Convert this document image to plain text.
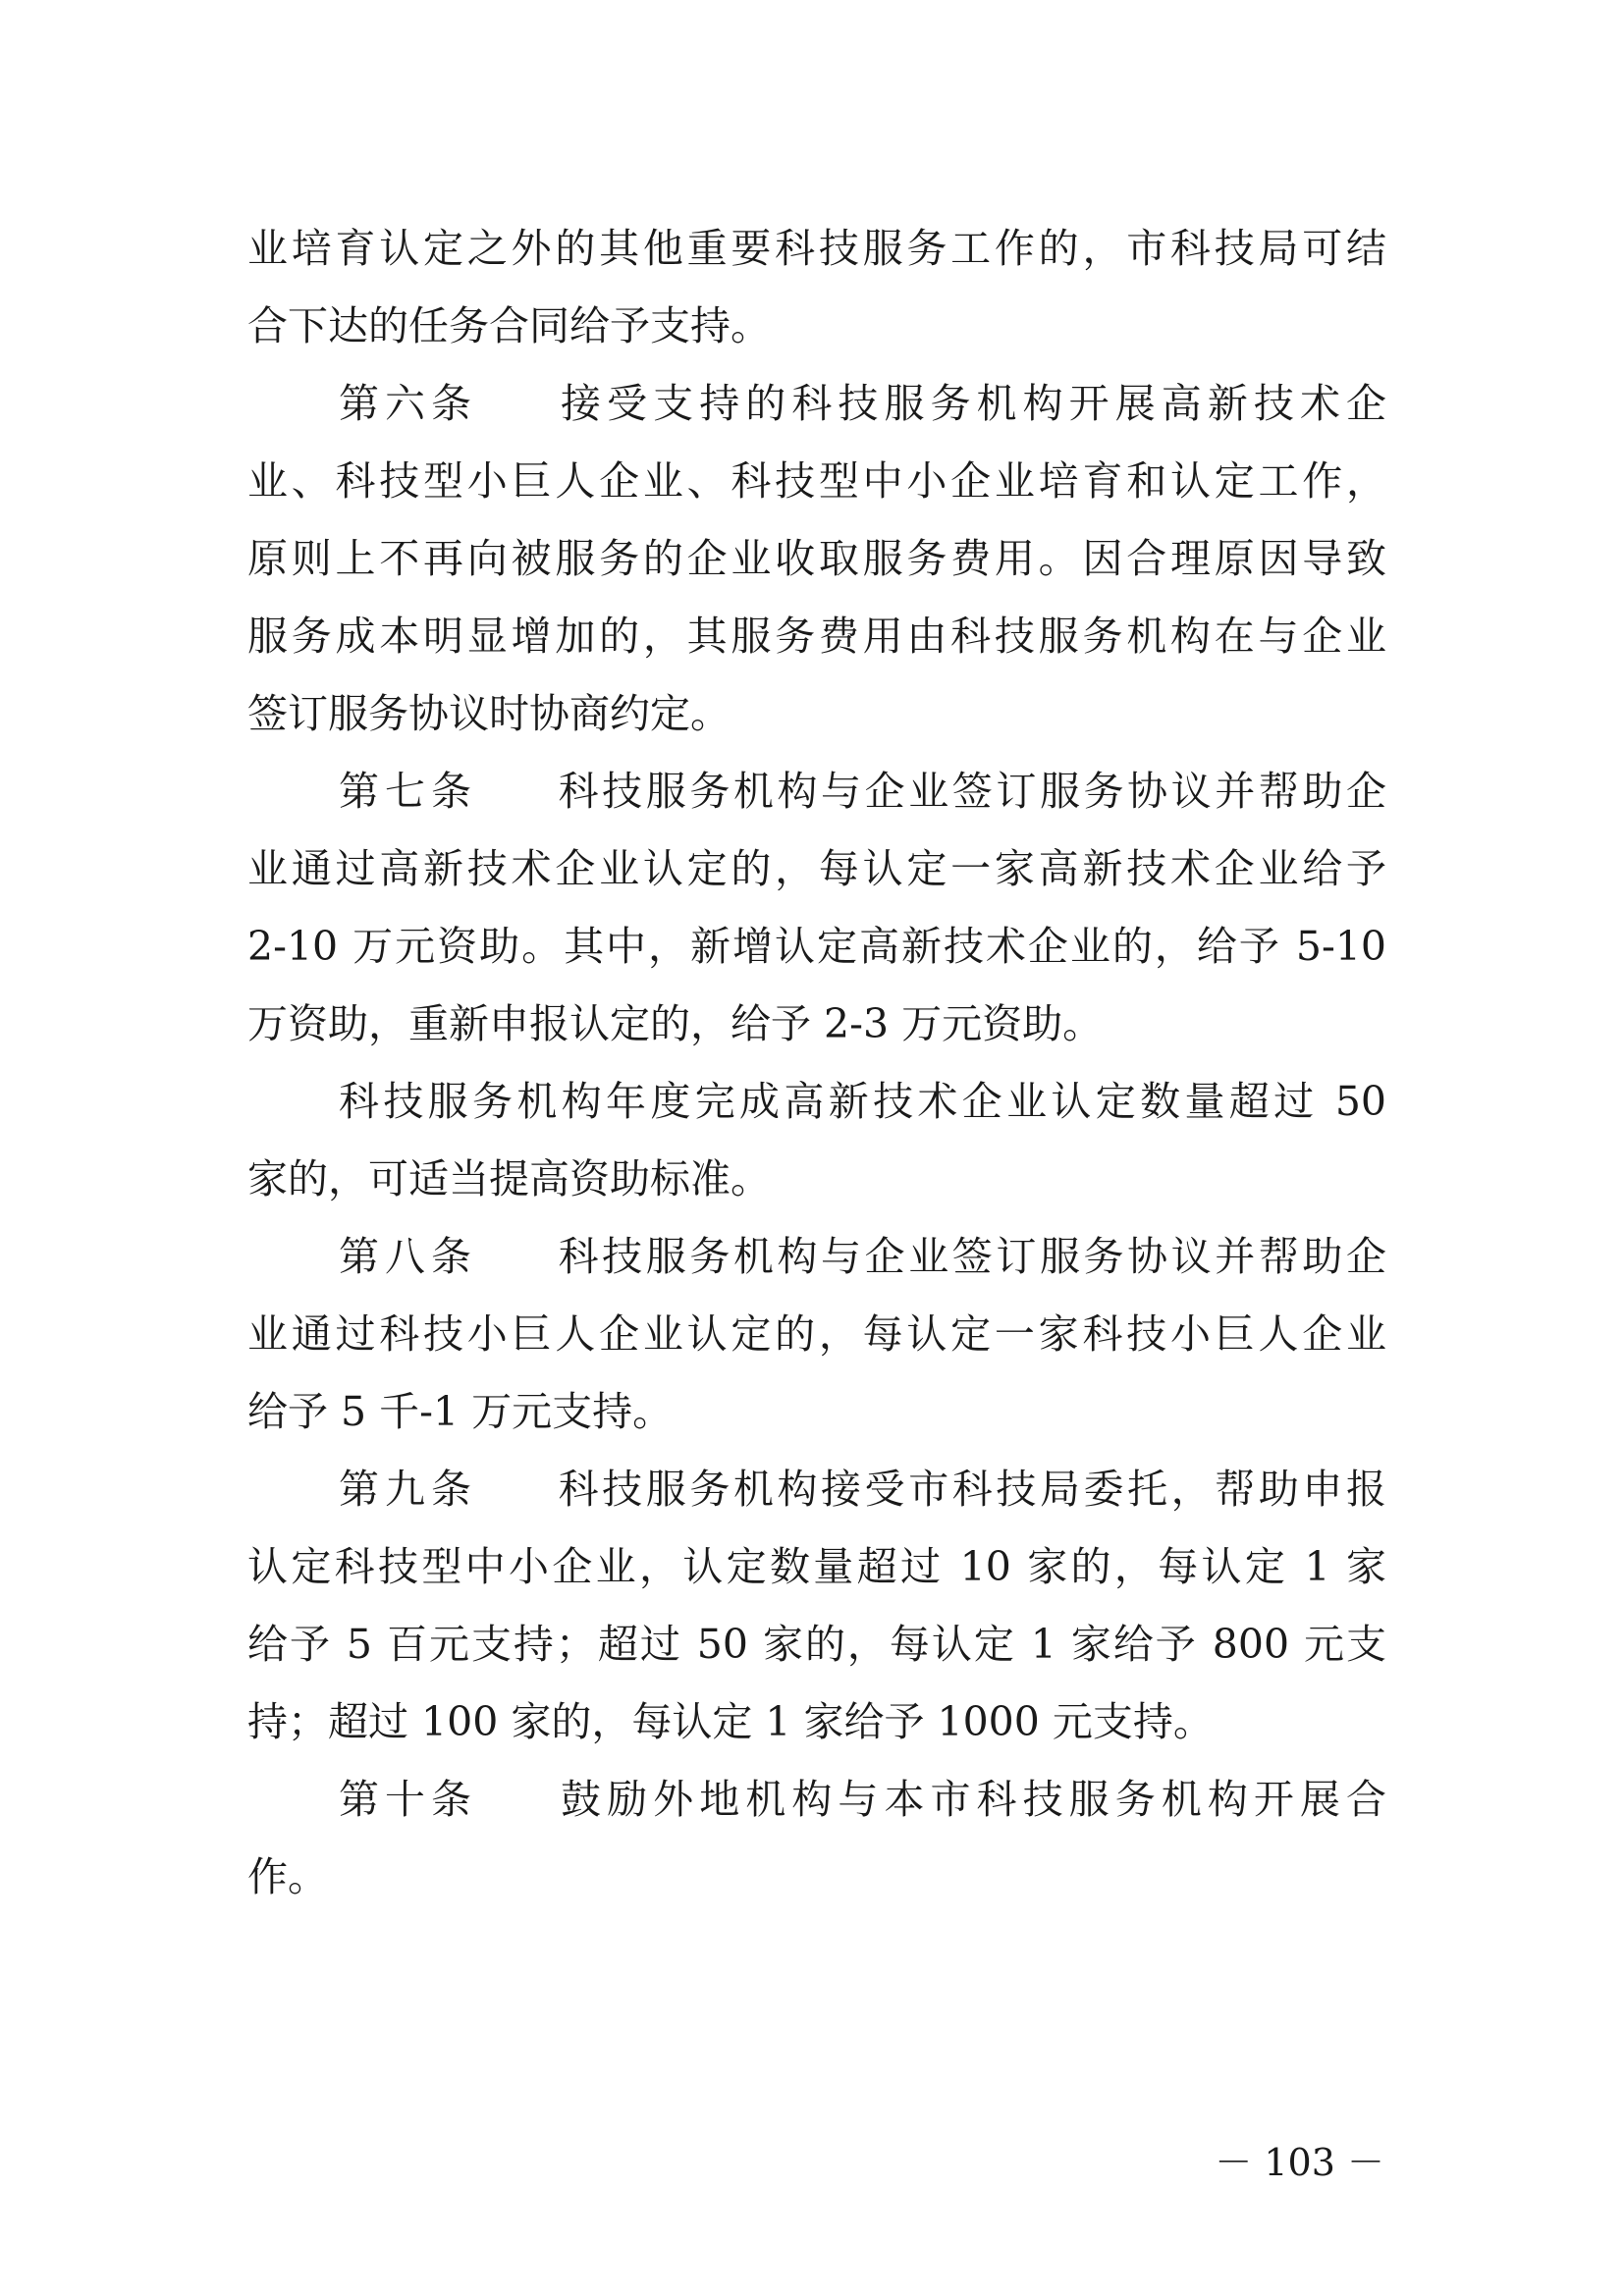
业培育认定之外的其他重要科技服务工作的，市科技局可结
合下达的任务合同给予支持。
第六条 接受支持的科技服务机构开展高新技术企
业、科技型小巨人企业、科技型中小企业培育和认定工作，
原则上不再向被服务的企业收取服务费用。因合理原因导致
服务成本明显增加的，其服务费用由科技服务机构在与企业
签订服务协议时协商约定。
第七条 科技服务机构与企业签订服务协议并帮助企
业通过高新技术企业认定的，每认定一家高新技术企业给予
2-10 万元资助。其中，新增认定高新技术企业的，给予 5-10
万资助，重新申报认定的，给予 2-3 万元资助。
科技服务机构年度完成高新技术企业认定数量超过 50
家的，可适当提高资助标准。
第八条 科技服务机构与企业签订服务协议并帮助企
业通过科技小巨人企业认定的，每认定一家科技小巨人企业
给予 5 千-1 万元支持。
第九条 科技服务机构接受市科技局委托，帮助申报
认定科技型中小企业，认定数量超过 10 家的，每认定 1 家
给予 5 百元支持；超过 50 家的，每认定 1 家给予 800 元支
持；超过 100 家的，每认定 1 家给予 1000 元支持。
第十条 鼓励外地机构与本市科技服务机构开展合
作。
－ 103 －
